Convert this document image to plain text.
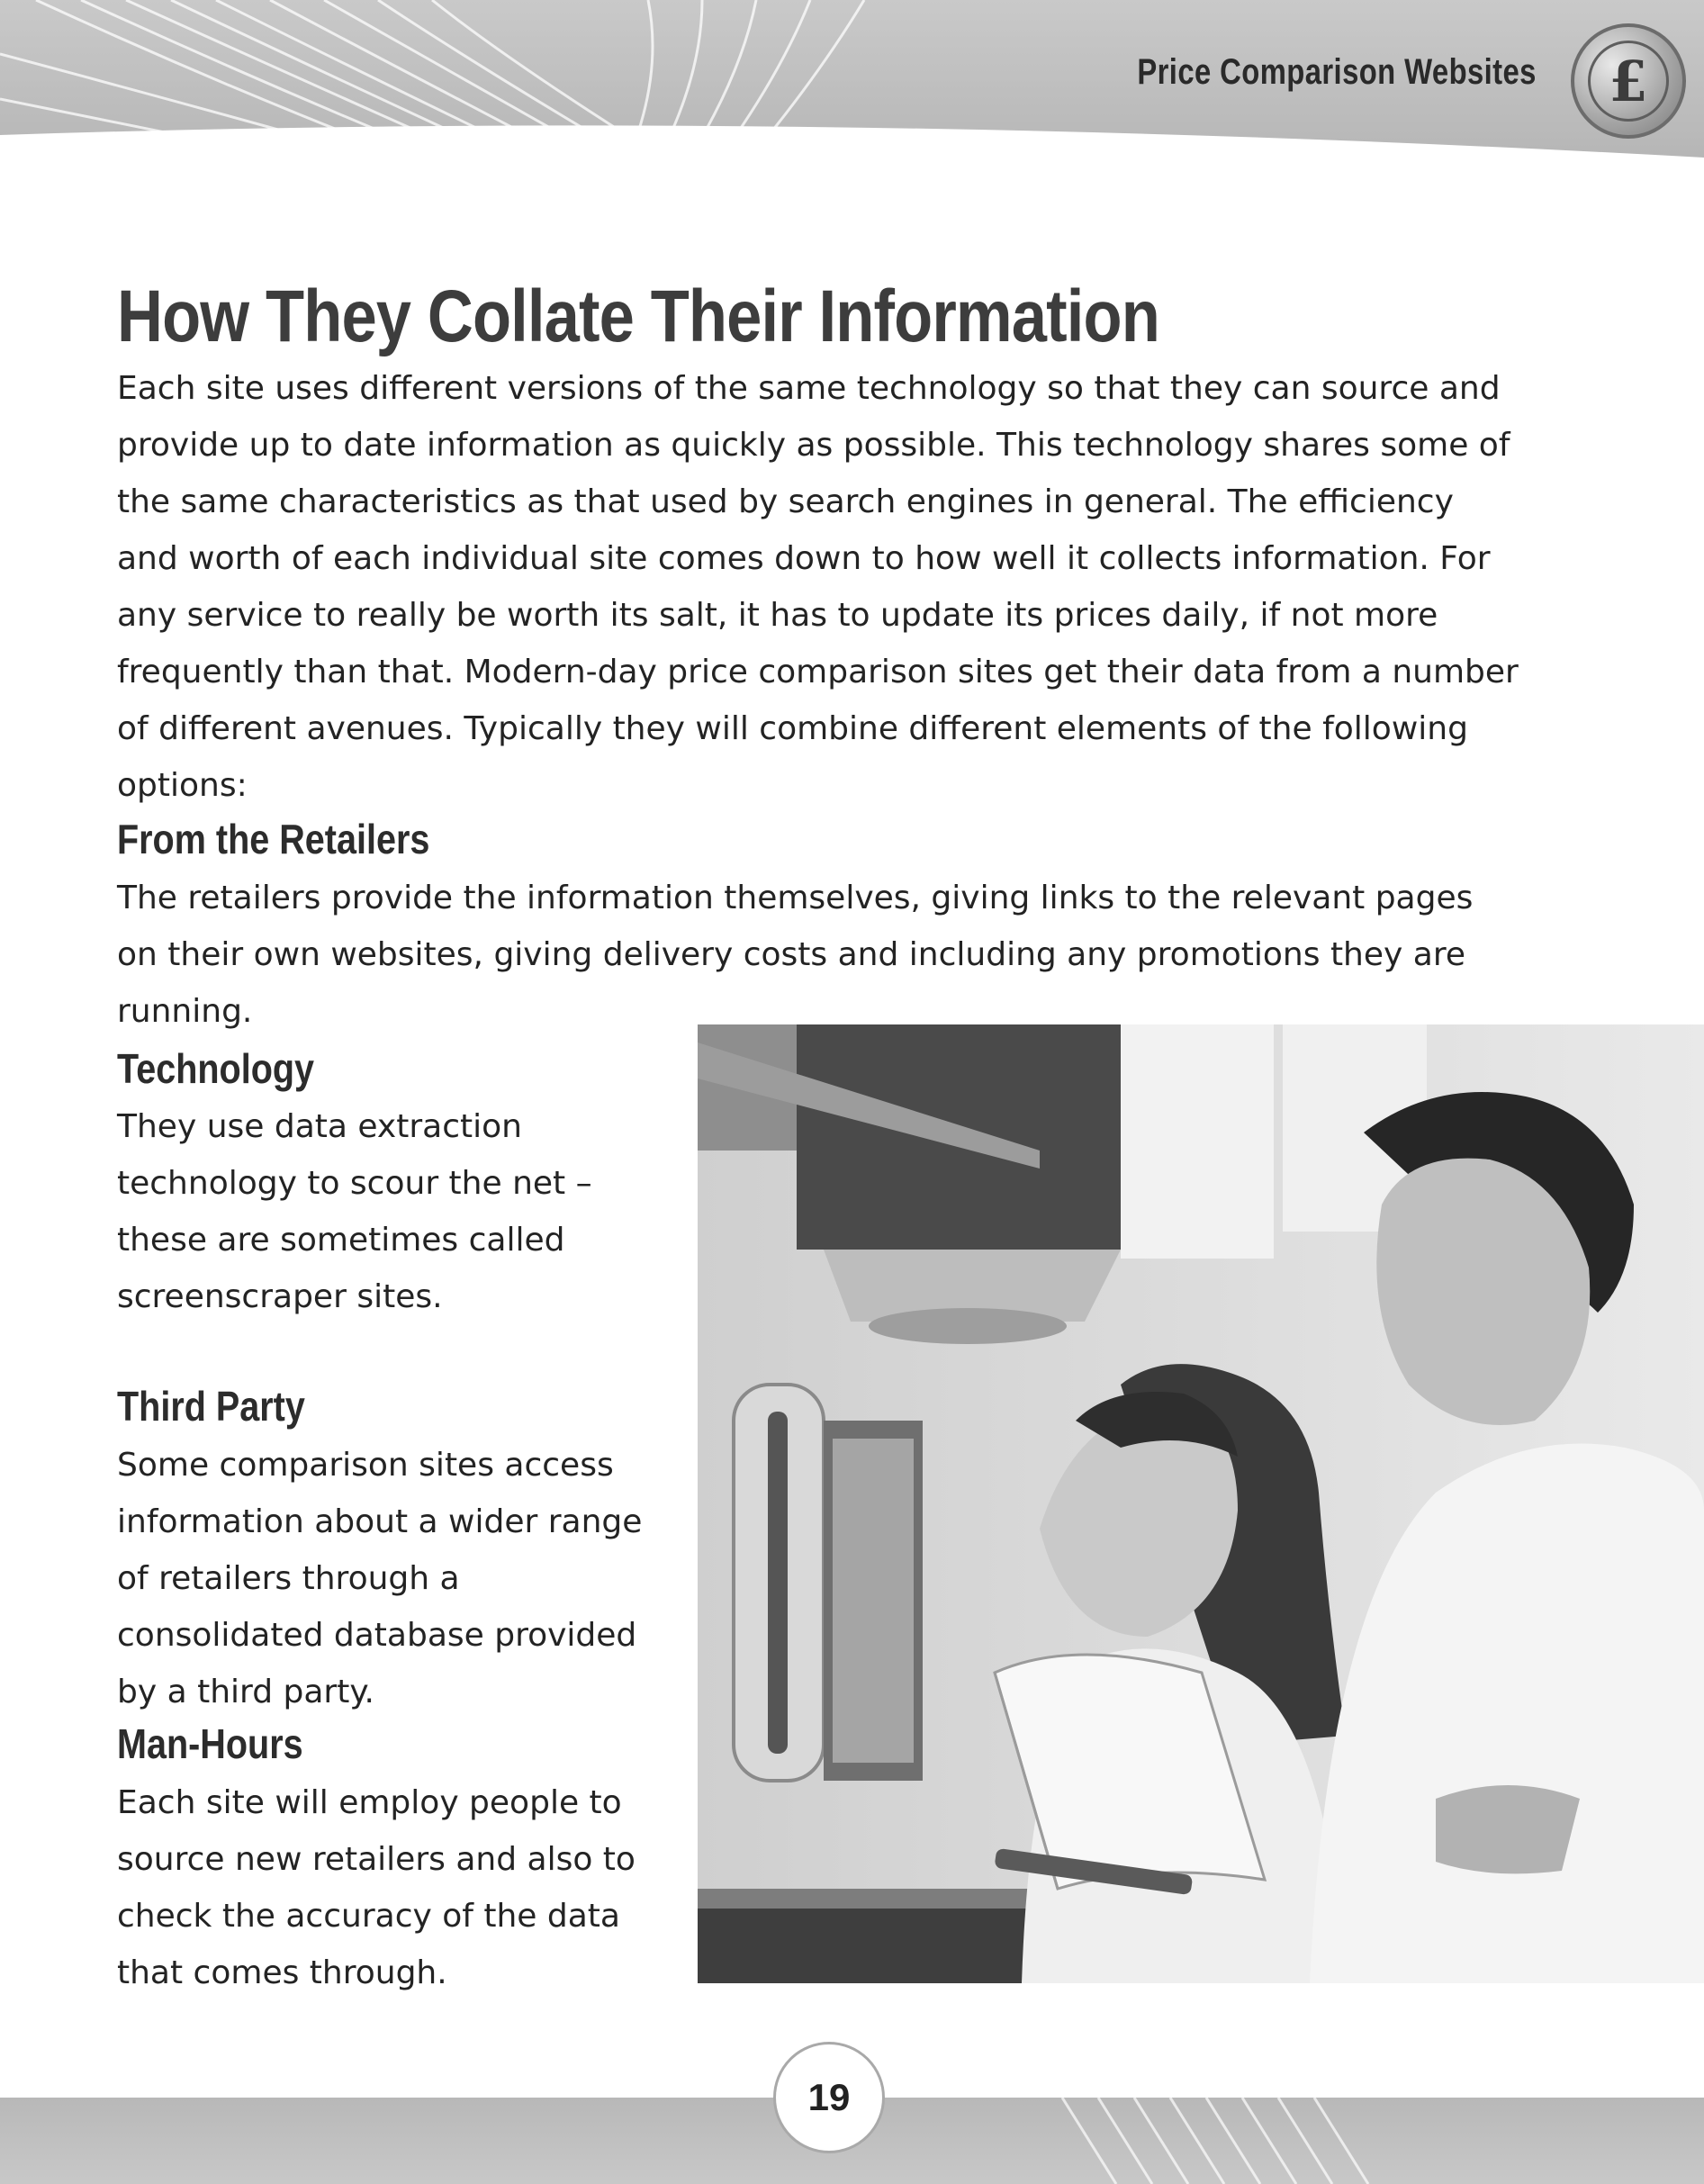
Price Comparison Websites	£
How They Collate Their Information

Each site uses different versions of the same technology so that they can source and provide up to date information as quickly as possible. This technology shares some of the same characteristics as that used by search engines in general. The efficiency and worth of each individual site comes down to how well it collects information. For any service to really be worth its salt, it has to update its prices daily, if not more frequently than that. Modern-day price comparison sites get their data from a number of different avenues. Typically they will combine different elements of the following options:

From the Retailers

The retailers provide the information themselves, giving links to the relevant pages on their own websites, giving delivery costs and including any promotions they are running.

Technology

They use data extraction technology to scour the net – these are sometimes called screenscraper sites.

Third Party

Some comparison sites access information about a wider range of retailers through a consolidated database provided by a third party.

Man-Hours

Each site will employ people to source new retailers and also to check the accuracy of the data that comes through.

19
